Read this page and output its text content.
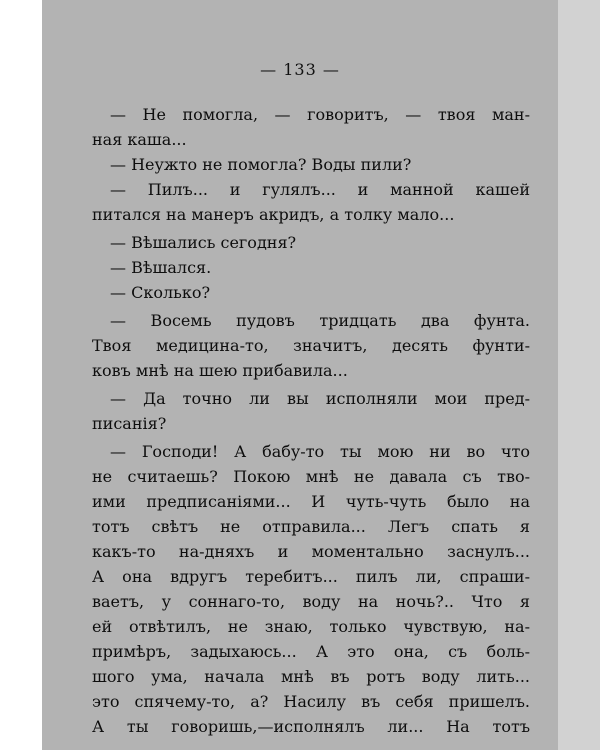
— 133 —
— Не помогла, — говоритъ, — твоя ман-
ная каша...
— Неужто не помогла? Воды пили?
— Пилъ... и гулялъ... и манной кашей
питался на манеръ акридъ, а толку мало...
— Вѣшались сегодня?
— Вѣшался.
— Сколько?
— Восемь пудовъ тридцать два фунта.
Твоя медицина-то, значитъ, десять фунти-
ковъ мнѣ на шею прибавила...
— Да точно ли вы исполняли мои пред-
писанія?
— Господи! А бабу-то ты мою ни во что
не считаешь? Покою мнѣ не давала съ тво-
ими предписаніями... И чуть-чуть было на
тотъ свѣтъ не отправила... Легъ спать я
какъ-то на-дняхъ и моментально заснулъ...
А она вдругъ теребитъ... пилъ ли, спраши-
ваетъ, у соннаго-то, воду на ночь?.. Что я
ей отвѣтилъ, не знаю, только чувствую, на-
примѣръ, задыхаюсь... А это она, съ боль-
шого ума, начала мнѣ въ ротъ воду лить...
это спячему-то, а? Насилу въ себя пришелъ.
А ты говоришь,—исполнялъ ли... На тотъ
